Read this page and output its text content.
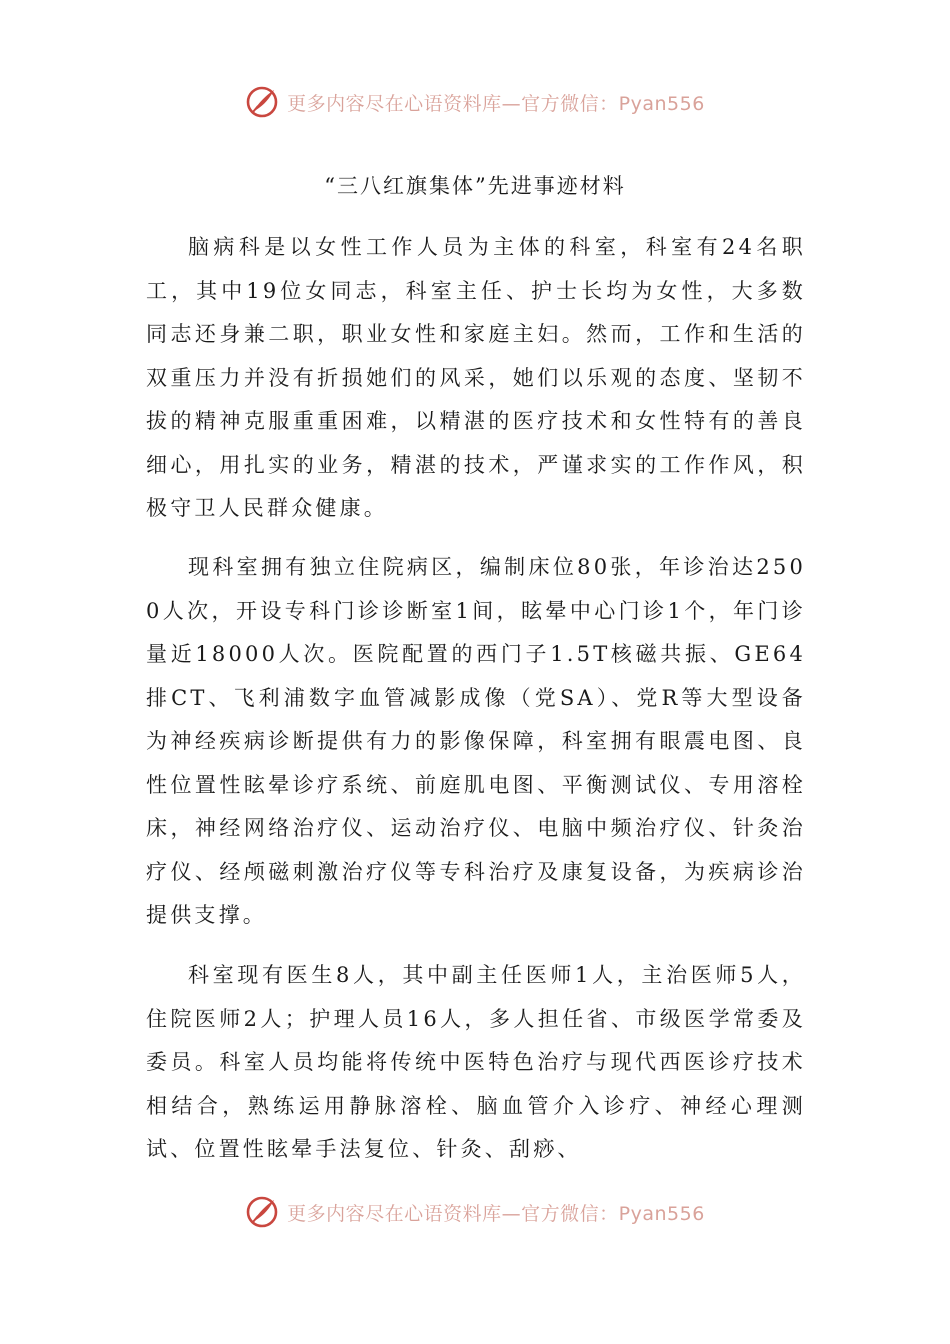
更多内容尽在心语资料库—官方微信：Pyan556
“三八红旗集体”先进事迹材料

脑病科是以女性工作人员为主体的科室，科室有24名职工，其中19位女同志，科室主任、护士长均为女性，大多数同志还身兼二职，职业女性和家庭主妇。然而，工作和生活的双重压力并没有折损她们的风采，她们以乐观的态度、坚韧不拔的精神克服重重困难，以精湛的医疗技术和女性特有的善良细心，用扎实的业务，精湛的技术，严谨求实的工作作风，积极守卫人民群众健康。

现科室拥有独立住院病区，编制床位80张，年诊治达2500人次，开设专科门诊诊断室1间，眩晕中心门诊1个，年门诊量近18000人次。医院配置的西门子1.5T核磁共振、GE64排CT、飞利浦数字血管减影成像（党SA）、党R等大型设备为神经疾病诊断提供有力的影像保障，科室拥有眼震电图、良性位置性眩晕诊疗系统、前庭肌电图、平衡测试仪、专用溶栓床，神经网络治疗仪、运动治疗仪、电脑中频治疗仪、针灸治疗仪、经颅磁刺激治疗仪等专科治疗及康复设备，为疾病诊治提供支撑。

科室现有医生8人，其中副主任医师1人，主治医师5人，住院医师2人；护理人员16人，多人担任省、市级医学常委及委员。科室人员均能将传统中医特色治疗与现代西医诊疗技术相结合，熟练运用静脉溶栓、脑血管介入诊疗、神经心理测试、位置性眩晕手法复位、针灸、刮痧、

更多内容尽在心语资料库—官方微信：Pyan556
